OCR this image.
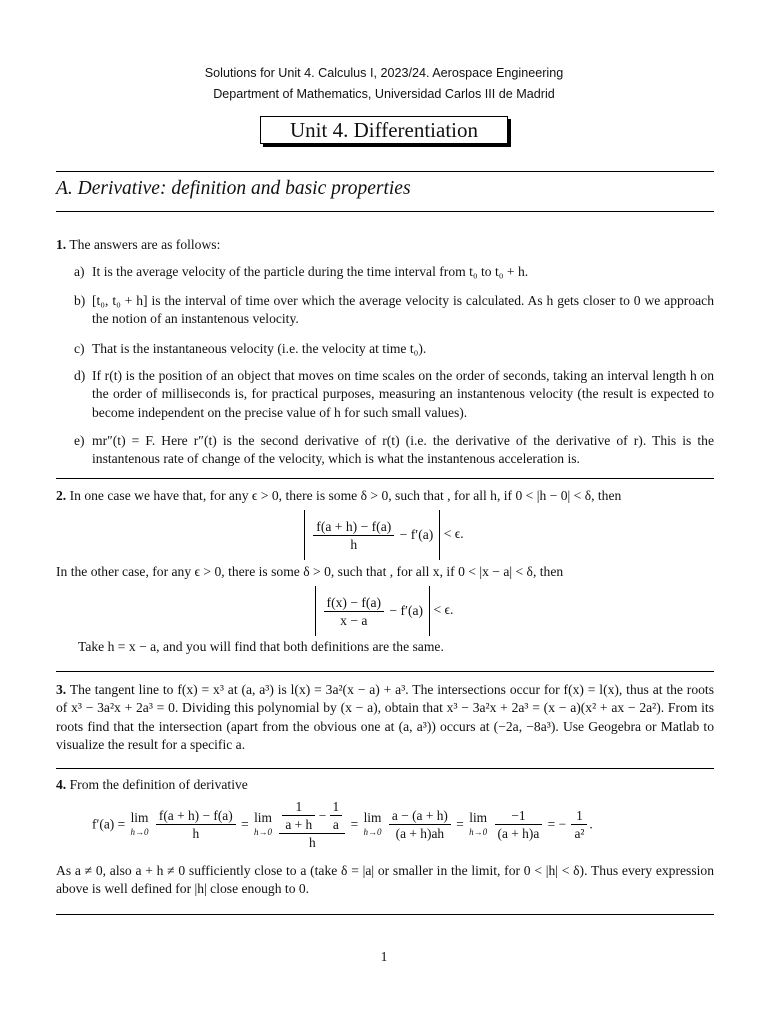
Solutions for Unit 4. Calculus I, 2023/24. Aerospace Engineering
Department of Mathematics, Universidad Carlos III de Madrid
Unit 4. Differentiation
A. Derivative: definition and basic properties
1. The answers are as follows:
a) It is the average velocity of the particle during the time interval from t₀ to t₀ + h.
b) [t₀, t₀ + h] is the interval of time over which the average velocity is calculated. As h gets closer to 0 we approach the notion of an instantenous velocity.
c) That is the instantaneous velocity (i.e. the velocity at time t₀).
d) If r(t) is the position of an object that moves on time scales on the order of seconds, taking an interval length h on the order of milliseconds is, for practical purposes, measuring an instantenous velocity (the result is expected to become independent on the precise value of h for such small values).
e) mr″(t) = F. Here r″(t) is the second derivative of r(t) (i.e. the derivative of the derivative of r). This is the instantenous rate of change of the velocity, which is what the instantenous acceleration is.
2. In one case we have that, for any ϵ > 0, there is some δ > 0, such that , for all h, if 0 < |h − 0| < δ, then
$\frac{f(a + h) - f(a)}{h} - f'(a) < \epsilon$.
In the other case, for any ϵ > 0, there is some δ > 0, such that , for all x, if 0 < |x − a| < δ, then
$\frac{f(x) - f(a)}{x - a} - f'(a) < \epsilon$.
Take h = x − a, and you will find that both definitions are the same.
3. The tangent line to f(x) = x³ at (a, a³) is l(x) = 3a²(x − a) + a³. The intersections occur for f(x) = l(x), thus at the roots of x³ − 3a²x + 2a³ = 0. Dividing this polynomial by (x − a), obtain that x³ − 3a²x + 2a³ = (x − a)(x² + ax − 2a²). From its roots find that the intersection (apart from the obvious one at (a, a³)) occurs at (−2a, −8a³). Use Geogebra or Matlab to visualize the result for a specific a.
4. From the definition of derivative
f′(a) = lim
h→0
$\frac{f(a + h) - f(a)}{h} = \lim$
h→0
$\frac{1}{a + h} - \frac{1}{a}$
h
= lim
h→0
$\frac{a - (a + h)}{(a + h)ah} = \lim$
h→0
$\frac{-1}{(a + h)a}$ = − $\frac{1}{\text{a²}}$ .
As a ≠ 0, also a + h ≠ 0 sufficiently close to a (take δ = |a| or smaller in the limit, for 0 < |h| < δ). Thus every expression above is well defined for |h| close enough to 0.
1
